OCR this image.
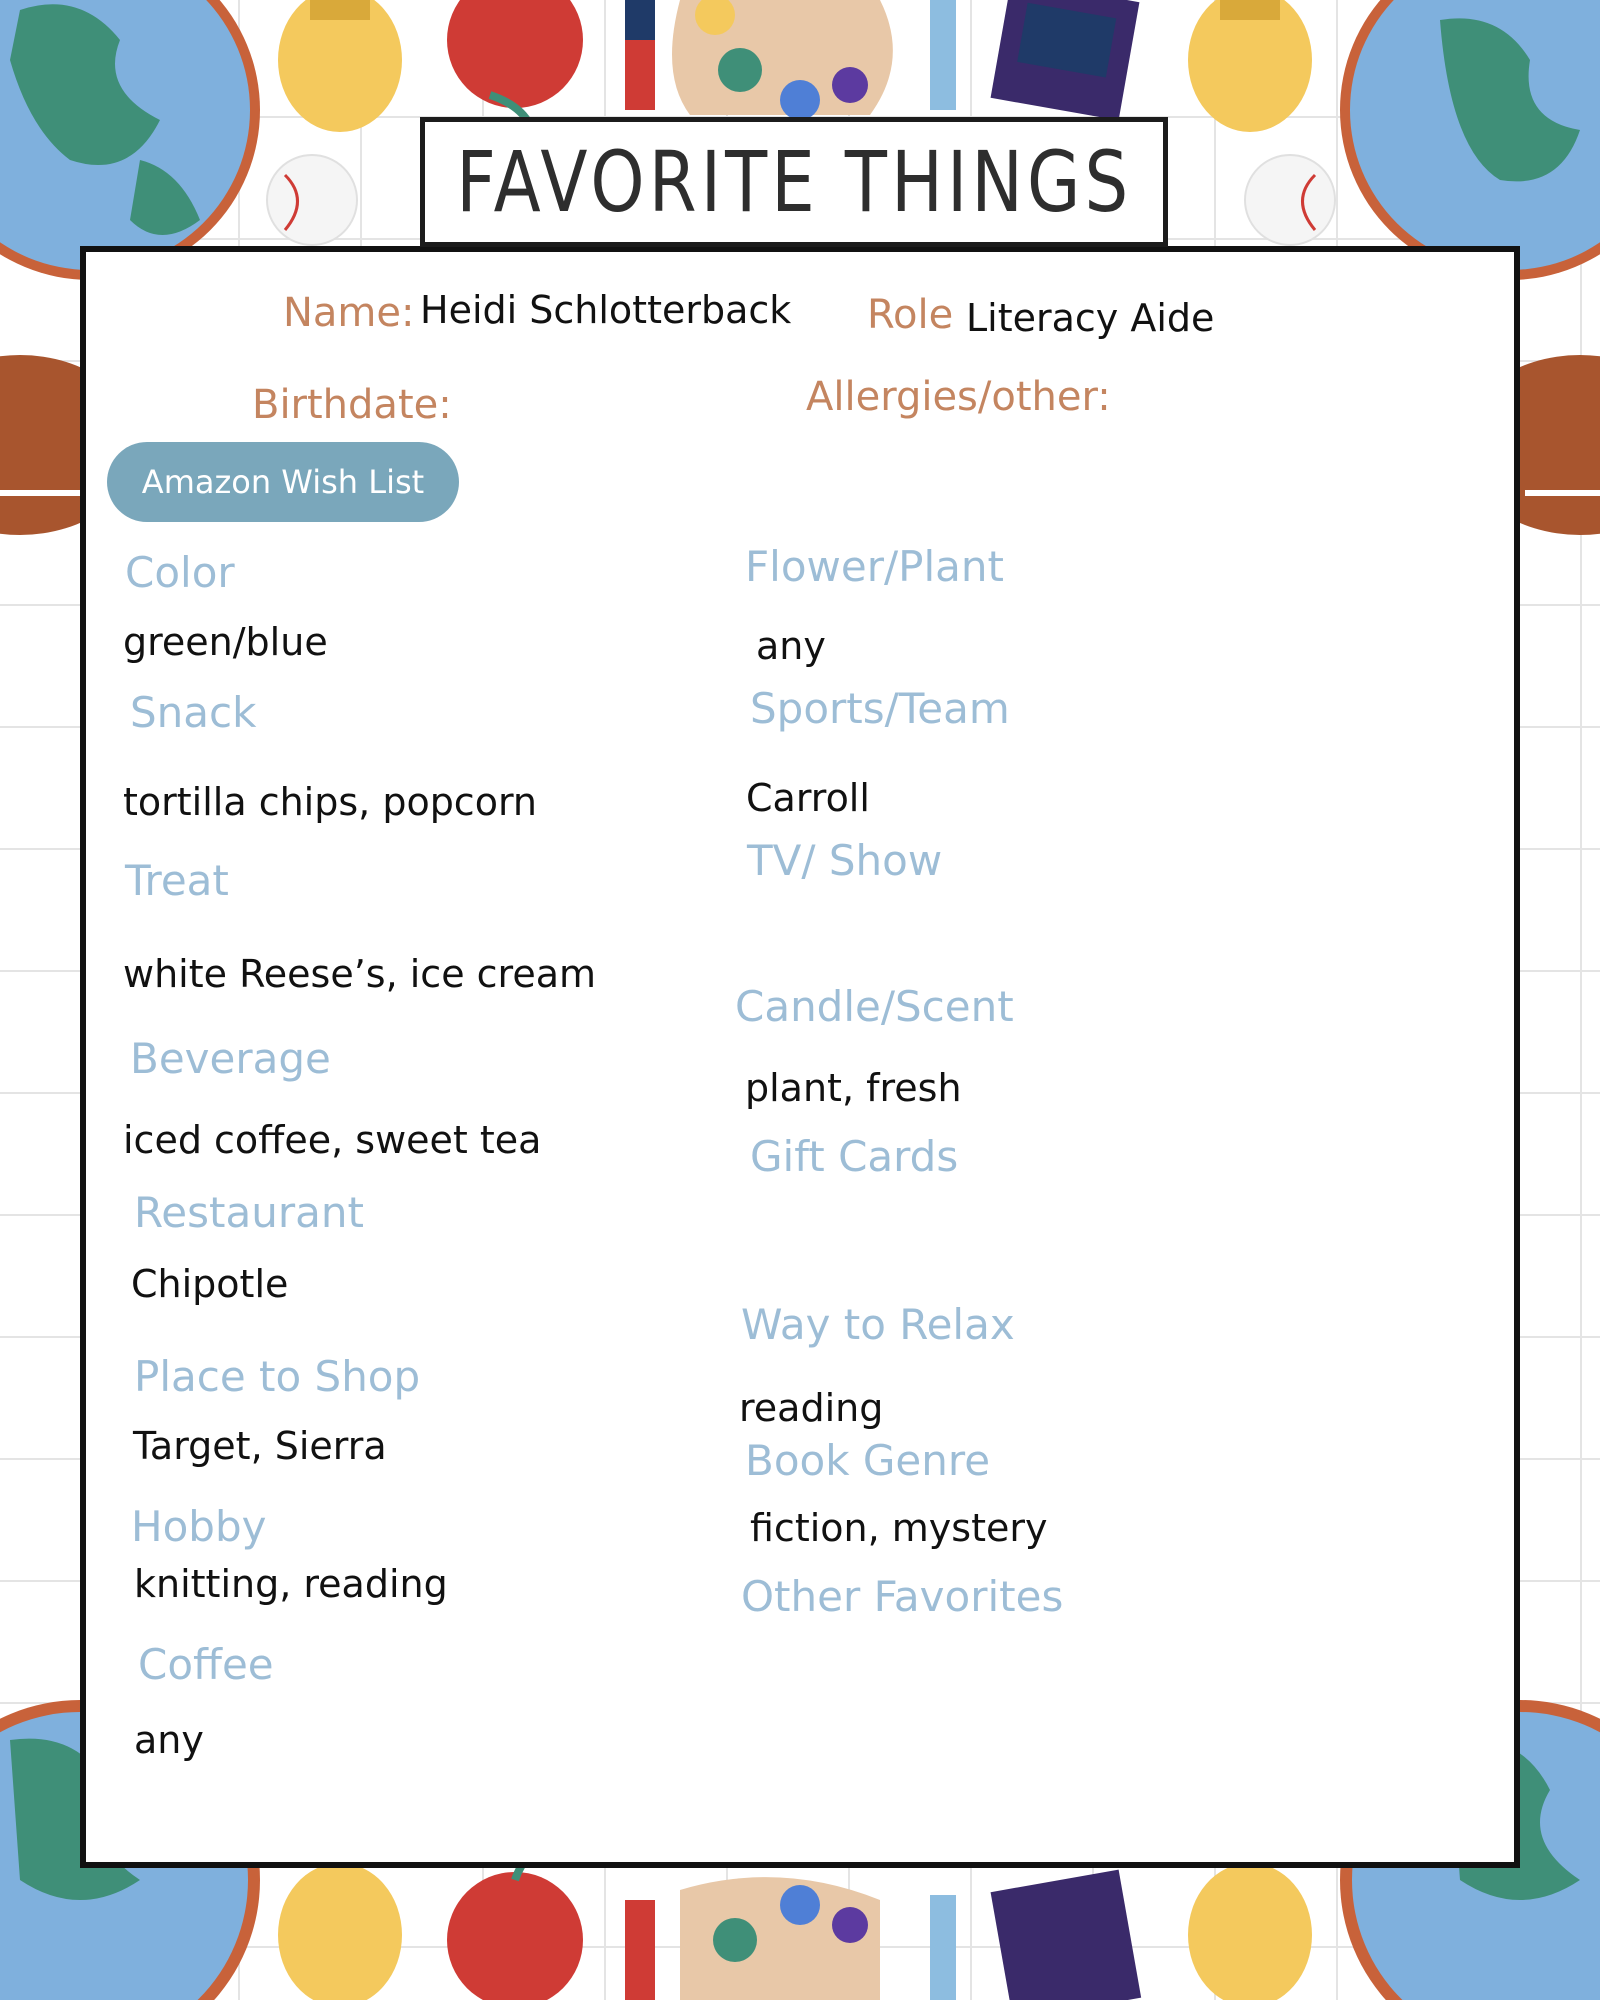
FAVORITE THINGS
Name: Heidi Schlotterback Role Literacy Aide
Birthdate:	Allergies/other:
Amazon Wish List
Color
green/blue
Snack
tortilla chips, popcorn
Treat
white Reese’s, ice cream
Beverage
iced coffee, sweet tea
Restaurant
Chipotle
Place to Shop
Target, Sierra
Hobby
knitting, reading
Coffee
any
Flower/Plant
any
Sports/Team
Carroll
TV/ Show
Candle/Scent
plant, fresh
Gift Cards
Way to Relax
reading
Book Genre
fiction, mystery
Other Favorites
